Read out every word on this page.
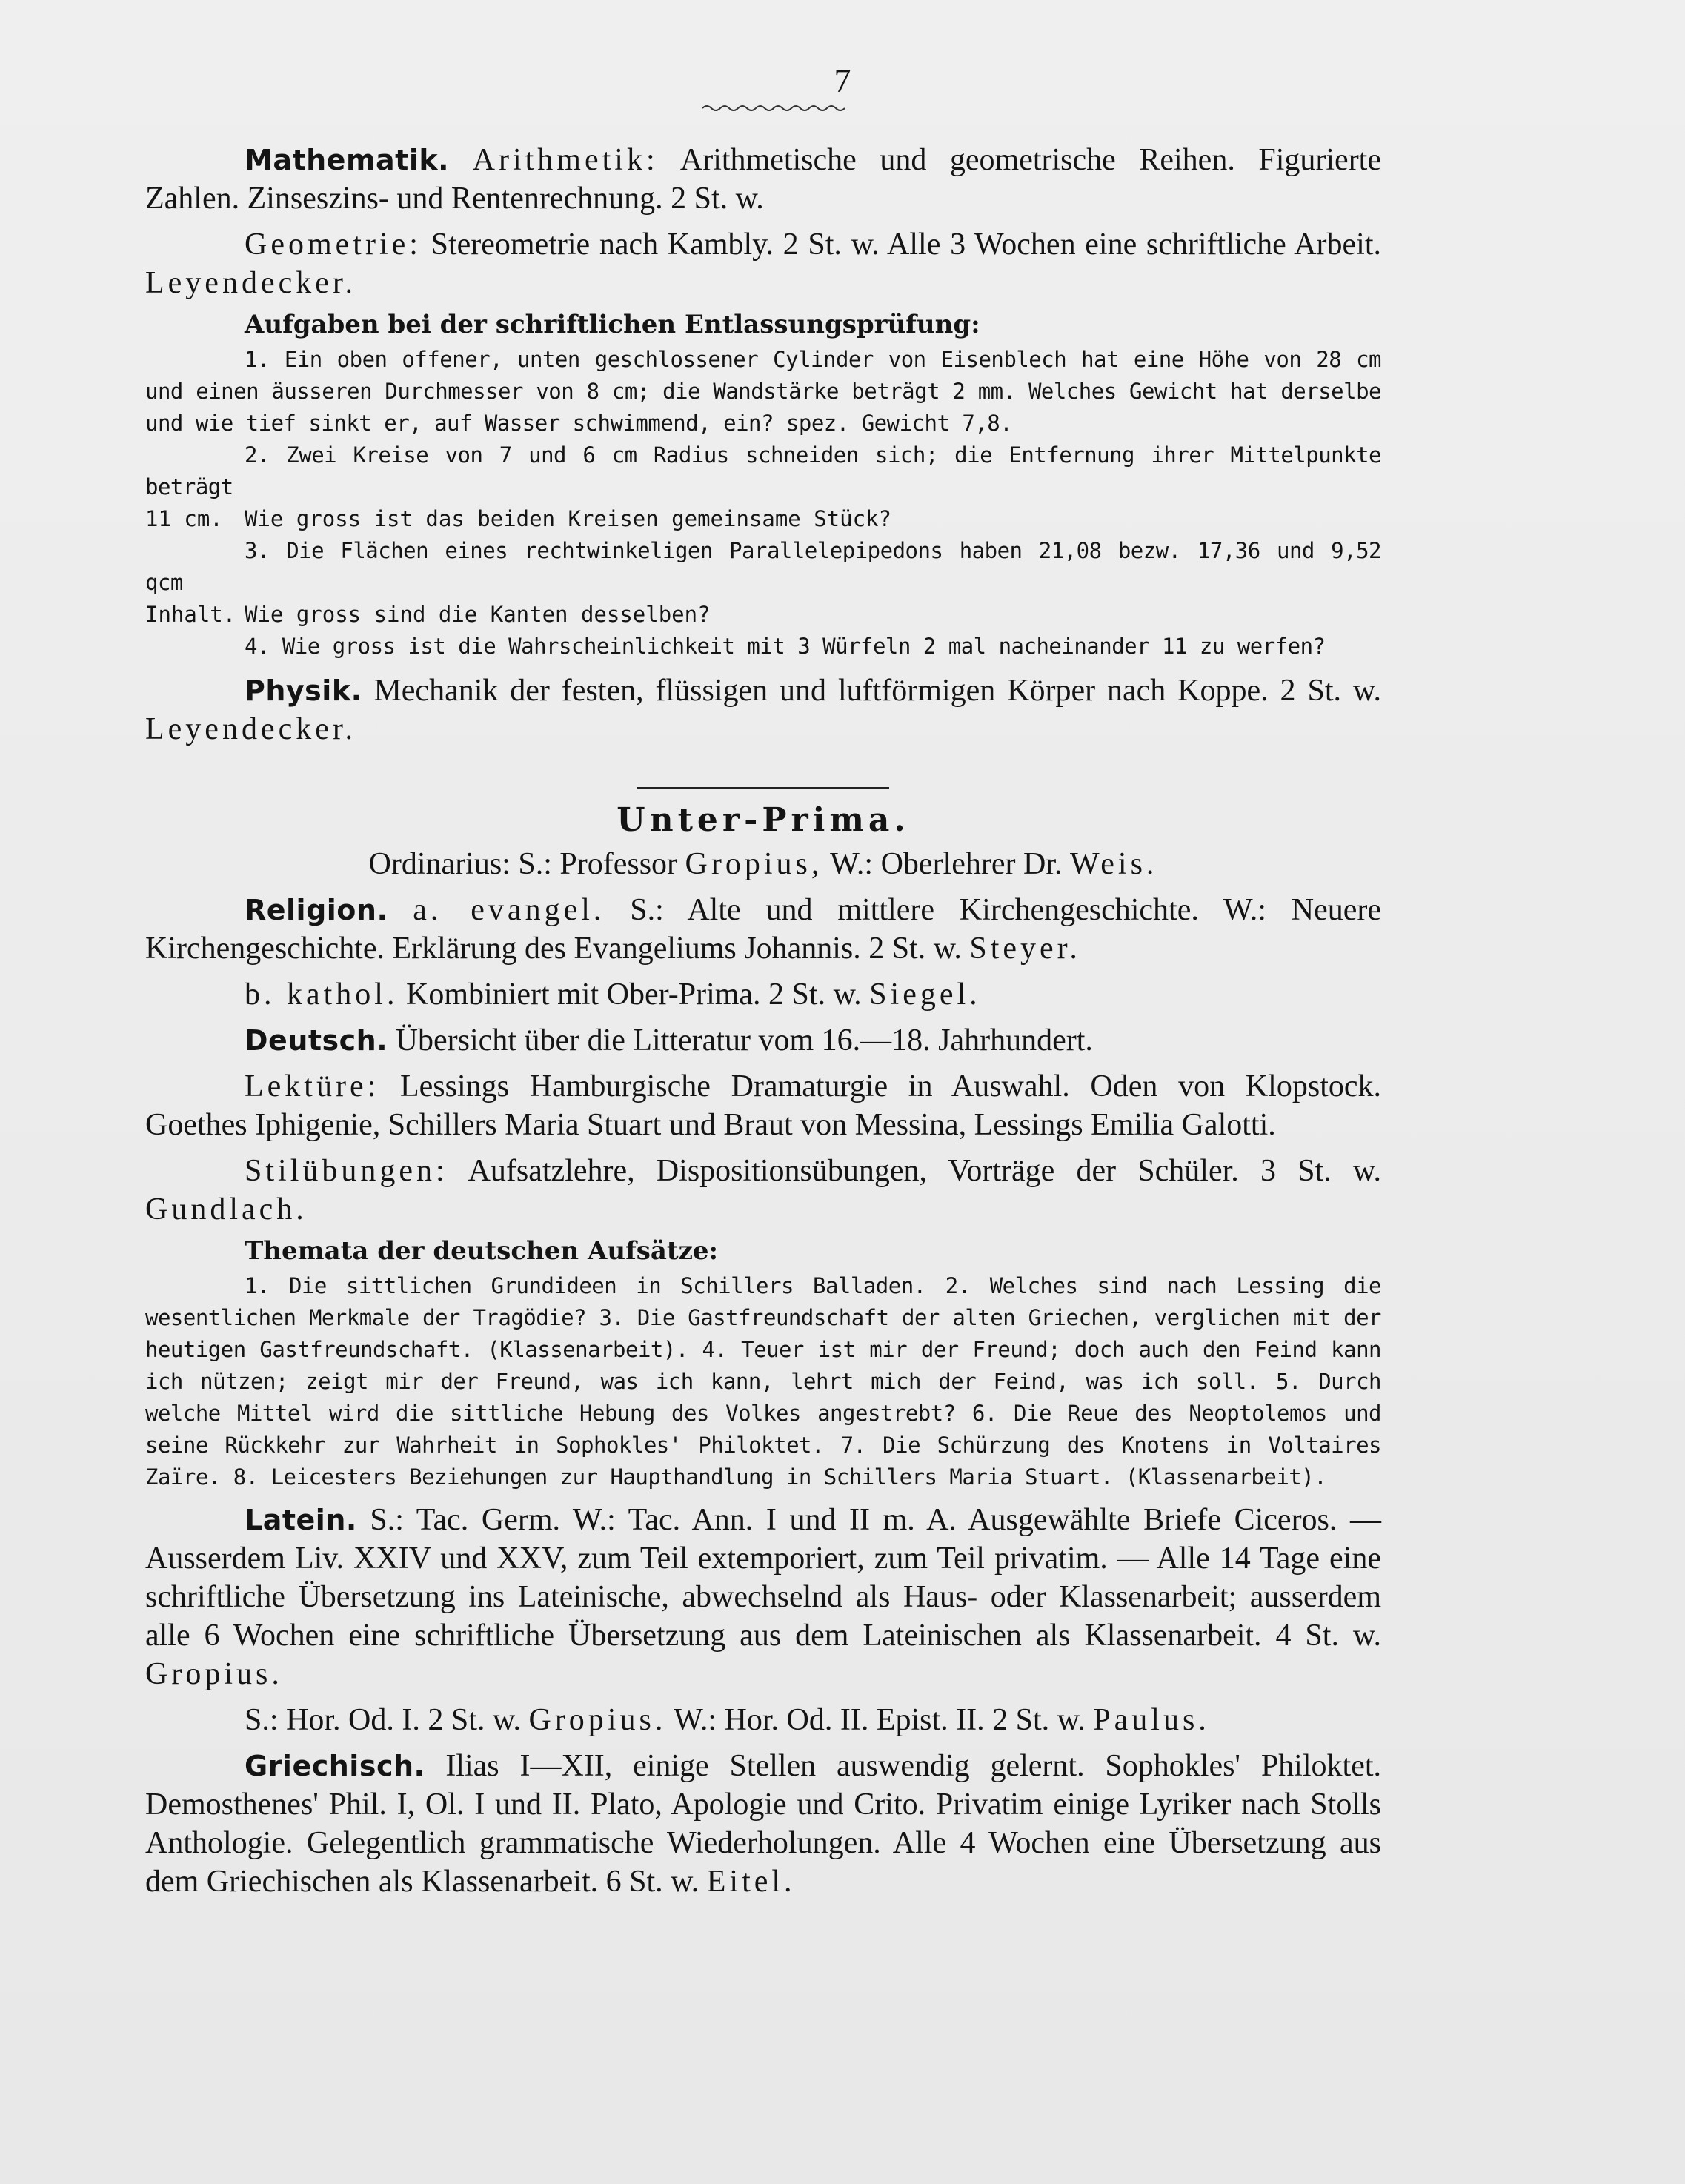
7

Mathematik. Arithmetik: Arithmetische und geometrische Reihen. Figurierte Zahlen. Zinseszins- und Rentenrechnung. 2 St. w.

Geometrie: Stereometrie nach Kambly. 2 St. w. Alle 3 Wochen eine schriftliche Arbeit. Leyendecker.

Aufgaben bei der schriftlichen Entlassungsprüfung:

1. Ein oben offener, unten geschlossener Cylinder von Eisenblech hat eine Höhe von 28 cm und einen äusseren Durchmesser von 8 cm; die Wandstärke beträgt 2 mm. Welches Gewicht hat derselbe und wie tief sinkt er, auf Wasser schwimmend, ein? spez. Gewicht 7,8.

2. Zwei Kreise von 7 und 6 cm Radius schneiden sich; die Entfernung ihrer Mittelpunkte beträgt

11 cm.	Wie gross ist das beiden Kreisen gemeinsame Stück?

3. Die Flächen eines rechtwinkeligen Parallelepipedons haben 21,08 bezw. 17,36 und 9,52 qcm

Inhalt. Wie gross sind die Kanten desselben?

4. Wie gross ist die Wahrscheinlichkeit mit 3 Würfeln 2 mal nacheinander 11 zu werfen?

Physik. Mechanik der festen, flüssigen und luftförmigen Körper nach Koppe. 2 St. w. Leyendecker.

Unter-Prima.
Ordinarius: S.: Professor Gropius, W.: Oberlehrer Dr. Weis.

Religion. a. evangel. S.: Alte und mittlere Kirchengeschichte. W.: Neuere Kirchengeschichte. Erklärung des Evangeliums Johannis. 2 St. w. Steyer.

b. kathol. Kombiniert mit Ober-Prima. 2 St. w. Siegel.

Deutsch. Übersicht über die Litteratur vom 16.—18. Jahrhundert.

Lektüre: Lessings Hamburgische Dramaturgie in Auswahl. Oden von Klopstock. Goethes Iphigenie, Schillers Maria Stuart und Braut von Messina, Lessings Emilia Galotti.

Stilübungen: Aufsatzlehre, Dispositionsübungen, Vorträge der Schüler. 3 St. w. Gundlach.

Themata der deutschen Aufsätze:

1. Die sittlichen Grundideen in Schillers Balladen. 2. Welches sind nach Lessing die wesentlichen Merkmale der Tragödie? 3. Die Gastfreundschaft der alten Griechen, verglichen mit der heutigen Gastfreundschaft. (Klassenarbeit). 4. Teuer ist mir der Freund; doch auch den Feind kann ich nützen; zeigt mir der Freund, was ich kann, lehrt mich der Feind, was ich soll. 5. Durch welche Mittel wird die sittliche Hebung des Volkes angestrebt? 6. Die Reue des Neoptolemos und seine Rückkehr zur Wahrheit in Sophokles' Philoktet. 7. Die Schürzung des Knotens in Voltaires Zaïre. 8. Leicesters Beziehungen zur Haupthandlung in Schillers Maria Stuart. (Klassenarbeit).

Latein. S.: Tac. Germ. W.: Tac. Ann. I und II m. A. Ausgewählte Briefe Ciceros. — Ausserdem Liv. XXIV und XXV, zum Teil extemporiert, zum Teil privatim. — Alle 14 Tage eine schriftliche Übersetzung ins Lateinische, abwechselnd als Haus- oder Klassenarbeit; ausserdem alle 6 Wochen eine schriftliche Übersetzung aus dem Lateinischen als Klassenarbeit. 4 St. w. Gropius.

S.: Hor. Od. I. 2 St. w. Gropius. W.: Hor. Od. II. Epist. II. 2 St. w. Paulus.

Griechisch. Ilias I—XII, einige Stellen auswendig gelernt. Sophokles' Philoktet. Demosthenes' Phil. I, Ol. I und II. Plato, Apologie und Crito. Privatim einige Lyriker nach Stolls Anthologie. Gelegentlich grammatische Wiederholungen. Alle 4 Wochen eine Übersetzung aus dem Griechischen als Klassenarbeit. 6 St. w. Eitel.
